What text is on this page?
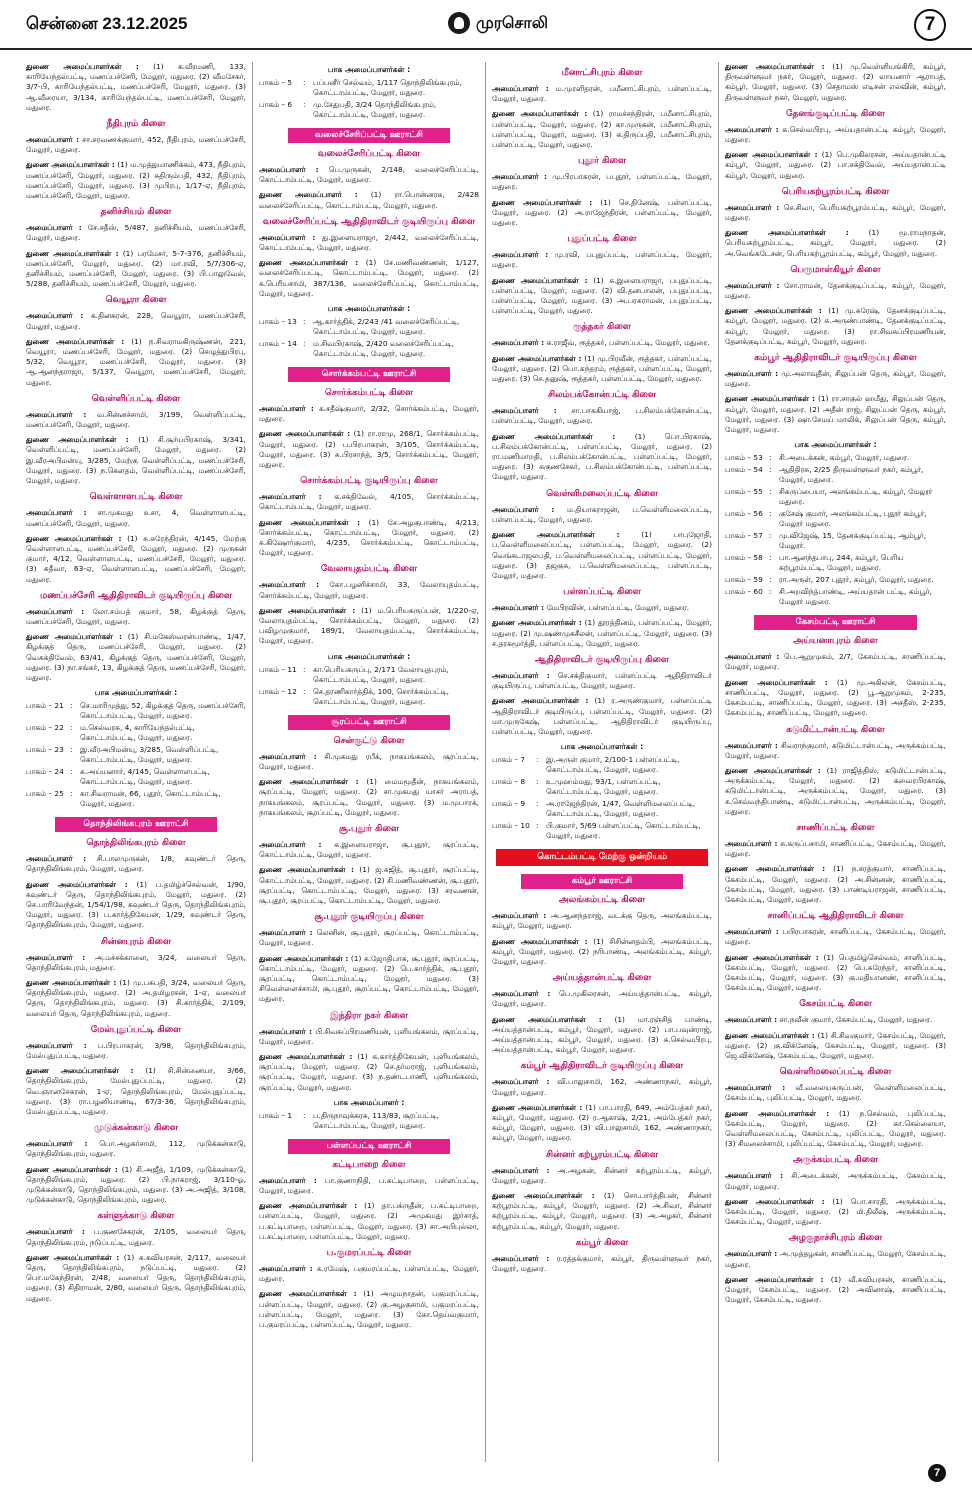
சென்னை 23.12.2025	முரசொலி	7

துணை அமைப்பாளர்கள் : (1) க.வீரமணி, 133, காரியேந்தல்பட்டி, மணப்பச்சேரி, மேலூர், மதுரை. (2) வீமசேகர், 3/7-பி, காரியேந்தல்பட்டி, மணப்பச்சேரி, மேலூர், மதுரை. (3) ஆ.வீரையா, 3/134, காரியேந்தல்பட்டி, மணப்பச்சேரி, மேலூர், மதுரை.

நீதிபுரம் கிளை

அமைப்பாளர் : சா.சரவணக்குமார், 452, நீதிபுரம், மணப்பச்சேரி, மேலூர், மதுரை.

துணை அமைப்பாளர்கள் : (1) ம.முத்துமாணிக்கம், 473, நீதிபுரம், மணப்பச்சேரி, மேலூர், மதுரை. (2) சுதிரும்பதி, 432, நீதிபுரம், மணப்பச்சேரி, மேலூர், மதுரை. (3) முபிரபு, 1/17-ஏ, நீதிபுரம், மணப்பச்சேரி, மேலூர், மதுரை.

தனிச்சியம் கிளை

அமைப்பாளர் : சே.சதீஸ், 5/487, தனிச்சியம், மணப்பச்சேரி, மேலூர், மதுரை.

துணை அமைப்பாளர்கள் : (1) பரமேசர், 5-7-376, தனிச்சியம், மணப்பச்சேரி, மேலூர், மதுரை. (2) மா.ரவி, 5/7/306-ஏ, தனிச்சியம், மணப்பச்சேரி, மேலூர், மதுரை. (3) பி.பாலுவேல், 5/288, தனிச்சியம், மணப்பச்சேரி, மேலூர், மதுரை.

வெயூரா கிளை

அமைப்பாளர் : க.தினகரன், 228, வெயூரா, மணப்பச்சேரி, மேலூர், மதுரை.

துணை அமைப்பாளர்கள் : (1) ந.சிவராமகிருஷ்ணன், 221, வெயூரா, மணப்பச்சேரி, மேலூர், மதுரை. (2) செழுத்துபிரபு, 5/32, வெயூரா, மணப்பச்சேரி, மேலூர், மதுரை. (3) ஆ.ஆனந்தராஜா, 5/137, வெயூரா, மணப்பச்சேரி, மேலூர், மதுரை.

வெள்ளிப்பட்டி கிளை

அமைப்பாளர் : வ.சின்னச்சாமி, 3/199, வெள்ளிப்பட்டி, மணப்பச்சேரி, மேலூர், மதுரை.

துணை அமைப்பாளர்கள் : (1) சி.சூர்யபிரகாஷ், 3/341, வெள்ளிப்பட்டி, மணப்பச்சேரி, மேலூர், மதுரை. (2) இ.வீரஅபிமன்யு, 3/285, மேற்கு வெள்ளிப்பட்டி, மணப்பச்சேரி, மேலூர், மதுரை. (3) ந.கௌதம், வெள்ளிப்பட்டி, மணப்பச்சேரி, மேலூர், மதுரை.

வெள்ளாளபட்டி கிளை

அமைப்பாளர் : சா.முகமது உசா, 4, வெள்ளாளபட்டி, மணப்பச்சேரி, மேலூர், மதுரை.

துணை அமைப்பாளர்கள் : (1) சு.சுரேந்திரன், 4/145, மேற்கு வெள்ளாளபட்டி, மணப்பச்சேரி, மேலூர், மதுரை. (2) முருகன் குமார், 4/12, வெள்ளாளபட்டி, மணப்பச்சேரி, மேலூர், மதுரை. (3) சுதீவா, 63-ஏ, வெள்ளாளபட்டி, மணப்பச்சேரி, மேலூர், மதுரை.

மணப்பச்சேரி ஆதிதிராவிடர் குடியிருப்பு கிளை

அமைப்பாளர் : லோ.சம்பத் குமார், 58, கிழக்குத் தெரு, மணப்பச்சேரி, மேலூர், மதுரை.

துணை அமைப்பாளர்கள் : (1) சி.மகேஸ்வரன்பாண்டி, 1/47, கிழக்குத் தெரு, மணப்பச்சேரி, மேலூர், மதுரை. (2) வெசுக்திவேல், 63/41, கிழக்குத் தெரு, மணப்பச்சேரி, மேலூர், மதுரை. (3) நா.சங்கர், 13, கிழக்குத் தெரு, மணப்பச்சேரி, மேலூர், மதுரை.

பாக அமைப்பாளர்கள் :
பாகம் – 21 :	செ.மாரிமுத்து, 52, கிழக்குத் தெரு, மணப்பச்சேரி, கொட்டாம்பட்டி, மேலூர், மதுரை.
பாகம் – 22 :	ம.செல்வரசு, 4, காரியேந்தல்பட்டி, கொட்டாம்பட்டி, மேலூர், மதுரை.
பாகம் – 23 :	இ.வீரஅபிமன்யு, 3/285, வெள்ளிப்பட்டி, கொட்டாம்பட்டி, மேலூர், மதுரை.
பாகம் – 24 :	சு.அய்யனார், 4/145, வெள்ளாளபட்டி, கொட்டாம்பட்டி, மேலூர், மதுரை.
பாகம் – 25 :	கா.சிவராமன், 66, புதூர், கொட்டாம்பட்டி, மேலூர், மதுரை.
தொந்திலிங்கபுரம் ஊராட்சி
தொந்திலிங்கபுரம் கிளை

அமைப்பாளர் : சி.பாலமுருகன், 1/8, கவுண்டர் தெரு, தொந்திலிங்கபுரம், மேலூர், மதுரை.

துணை அமைப்பாளர்கள் : (1) ப.தமிழ்ச்செல்வன், 1/90, கவுண்டர் தெரு, தொந்திலிங்கபுரம், மேலூர், மதுரை. (2) செ.பாரிவேந்தன், 1/54/1/98, கவுண்டர் தெரு, தொந்திலிங்கபுரம், மேலூர், மதுரை. (3) ப.கார்த்திகேயன், 1/29, கவுண்டர் தெரு, தொந்திலிங்கபுரம், மேலூர், மதுரை.

சின்னபுரம் கிளை

அமைப்பாளர் : அ.மச்சக்காளை, 3/24, வலையர் தெரு, தொந்திலிங்கபுரம், மதுரை.

துணை அமைப்பாளர்கள் : (1) மு.பசுபதி, 3/24, வலையர் தெரு, தொந்திலிங்கபுரம், மதுரை. (2) அ.தமிழரசன், 1-ஏ, வலையர் தெரு, தொந்திலிங்கபுரம், மதுரை. (3) சி.கார்த்திக், 2/109, வலையர் தெரு, தொந்திலிங்கபுரம், மதுரை.

மேல்புதுப்பட்டி கிளை

அமைப்பாளர் : ப.பிரபாகரன், 3/98, தொந்திலிங்கபுரம், மேல்புதுப்பட்டி, மதுரை.

துணை அமைப்பாளர்கள் : (1) சி.சின்னையா, 3/66, தொந்திலிங்கபுரம், மேல்புதுப்பட்டி, மதுரை. (2) வெ.ஞானசேகரன், 1-ஏ, தொந்திலிங்கபுரம், மேல்புதுப்பட்டி, மதுரை. (3) ரா.பழனியாண்டி, 67/3-36, தொந்திலிங்கபுரம், மேல்புதுப்பட்டி, மதுரை.

முடுக்கன்காடு கிளை

அமைப்பாளர் : பொ.அழகர்சாமி, 112, முடுக்கன்காடு, தொந்திலிங்கபுரம், மதுரை.

துணை அமைப்பாளர்கள் : (1) சி.அஜீத், 1/109, முடுக்கன்காடு, தொந்திலிங்கபுரம், மதுரை. (2) பி.நாகராஜ், 3/110-ஓ, முடுக்கன்காடு, தொந்திலிங்கபுரம், மதுரை. (3) அ.அஜித், 3/108, முடுக்கன்காடு, தொந்திலிங்கபுரம், மதுரை.

கள்ளுக்காடு கிளை

அமைப்பாளர் : ப.குணசேகரன், 2/105, வலையர் தெரு, தொந்திலிங்கபுரம், நடுப்பட்டி, மதுரை.

துணை அமைப்பாளர்கள் : (1) சு.கவியரசன், 2/117, வலையர் தெரு, தொந்திலிங்கபுரம், நடுப்பட்டி, மதுரை. (2) பொ.மகேந்திரன், 2/48, வலையர் தெரு, தொந்திலிங்கபுரம், மதுரை. (3) சிதிராமன், 2/80, வலையர் தெரு, தொந்திலிங்கபுரம், மதுரை.

பாக அமைப்பாளர்கள் :
பாகம் – 5	:	பப்பனீர் செல்வம், 1/117 தொந்திலிங்கபுரம், கொட்டாம்பட்டி, மேலூர், மதுரை.
பாகம் – 6	:	மு.சேதுபதி, 3/24 தொந்திலிங்கபுரம், கொட்டாம்பட்டி, மேலூர், மதுரை.
வலைச்சேரிப்பட்டி ஊராட்சி
வலைச்சேரிப்பட்டி கிளை

அமைப்பாளர் : பெ.முருகன், 2/148, வலைச்சேரிப்பட்டி, கொட்டாம்பட்டி, மேலூர், மதுரை.

துணை அமைப்பாளர் : (1) ரா.பொன்னரசு, 2/428 வலைச்சேரிப்பட்டி, கொட்டாம்பட்டி, மேலூர், மதுரை.

வலைச்சேரிப்பட்டி ஆதிதிராவிடர் குடியிருப்பு கிளை

அமைப்பாளர் : து.இளையராஜா, 2/442, வலைச்சேரிப்பட்டி, கொட்டாம்பட்டி, மேலூர், மதுரை.

துணை அமைப்பாளர்கள் : (1) சே.மணிவண்ணன், 1/127, வலைச்சேரிப்பட்டி, கொட்டாம்பட்டி, மேலூர், மதுரை. (2) க.பெரியசாமி, 387/136, வலைச்சேரிப்பட்டி, கொட்டாம்பட்டி, மேலூர், மதுரை.

பாக அமைப்பாளர்கள் :
பாகம் – 13 :	ஆ.கார்த்திக், 2/243 /41 வலைச்சேரிப்பட்டி, கொட்டாம்பட்டி, மேலூர், மதுரை.
பாகம் – 14 :	ம.சிவபிரகாஷ், 2/420 வலைச்சேரிப்பட்டி, கொட்டாம்பட்டி, மேலூர், மதுரை.
சொர்க்கம்பட்டி ஊராட்சி
சொர்க்கம்பட்டி கிளை

அமைப்பாளர் : க.சதீஷ்குமார், 2/32, சொர்க்கம்பட்டி, மேலூர், மதுரை.

துணை அமைப்பாளர்கள் : (1) ரா.ராமு, 268/1, சொர்க்கம்பட்டி, மேலூர், மதுரை. (2) ப.பிரபாகரன், 3/105, சொர்க்கம்பட்டி, மேலூர், மதுரை. (3) சு.பிரசாந்த், 3/5, சொர்க்கம்பட்டி, மேலூர், மதுரை.

சொர்க்கம்பட்டி குடியிருப்பு கிளை

அமைப்பாளர் : க.சக்திவேல், 4/105, சொர்க்கம்பட்டி, கொட்டாம்பட்டி, மேலூர், மதுரை.

துணை அமைப்பாளர்கள் : (1) சே.அழகுபாண்டி, 4/213, சொர்க்கம்பட்டி, கொட்டாம்பட்டி, மேலூர், மதுரை. (2) சு.கிஷோர்குமார், 4/235, சொர்க்கம்பட்டி, கொட்டாம்பட்டி, மேலூர், மதுரை.

வேலாயுதம்பட்டி கிளை

அமைப்பாளர் : கோ.பழனிச்சாமி, 33, வேலாயுதம்பட்டி, சொர்க்கம்பட்டி, மேலூர், மதுரை.

துணை அமைப்பாளர்கள் : (1) ம.பெரியகருப்பன், 1/220-ஏ, வேலாயுதம்பட்டி, சொர்க்கம்பட்டி, மேலூர், மதுரை. (2) பவிழமுகுமார், 189/1, வேலாயுதம்பட்டி, சொர்க்கம்பட்டி, மேலூர், மதுரை.

பாக அமைப்பாளர்கள் :
பாகம் – 11 :	கா.பெரியகருப்பு, 2/171 வேலாயுதபுரம், கொட்டாம்பட்டி, மேலூர், மதுரை.
பாகம் – 12 :	செ.தரணிகார்த்திக், 100, சொர்க்கம்பட்டி, கொட்டாம்பட்டி, மேலூர், மதுரை.
சூரப்பட்டி ஊராட்சி
சென்குட்டு கிளை

அமைப்பாளர் : சி.முகமது ரபீக், நாகயங்கலம், சூரப்பட்டி, மேலூர், மதுரை.

துணை அமைப்பாளர்கள் : (1) மைமமூதீன், நாகயங்கலம், சூரப்பட்டி, மேலூர், மதுரை. (2) சா.முகமது யாசர் அராபத், நாகயங்கலம், சூரப்பட்டி, மேலூர், மதுரை. (3) ம.முபாரக், நாகயங்கலம், சூரப்பட்டி, மேலூர், மதுரை.

சூ.புதூர் கிளை

அமைப்பாளர் : க.இளையராஜா, சூ.புதூர், சூரப்பட்டி, கொட்டாம்பட்டி, மேலூர், மதுரை.

துணை அமைப்பாளர்கள் : (1) ஜ.சுஜித், சூ.புதூர், சூரப்பட்டி, கொட்டாம்பட்டி, மேலூர், மதுரை. (2) சி.மணிவண்ணன், சூ.புதூர், சூரப்பட்டி, கொட்டாம்பட்டி, மேலூர், மதுரை. (3) சரவணன், சூ.புதூர், சூரப்பட்டி, கொட்டாம்பட்டி, மேலூர், மதுரை.

சூ.புதூர் குடியிருப்பு கிளை

அமைப்பாளர் : லெனின், சூ.புதூர், சூரப்பட்டி, கொட்டாம்பட்டி, மேலூர், மதுரை.

துணை அமைப்பாளர்கள் : (1) க.ஜோதிபாசு, சூ.புதூர், சூரப்பட்டி, கொட்டாம்பட்டி, மேலூர், மதுரை. (2) பெ.கார்த்திக், சூ.புதூர், சூரப்பட்டி, கொட்டாம்பட்டி, மேலூர், மதுரை. (3) சிவெள்ளைச்சாமி, சூ.புதூர், சூரப்பட்டி, கொட்டாம்பட்டி, மேலூர், மதுரை.

இந்திரா நகர் கிளை

அமைப்பாளர் : பி.சிவசுப்பிரமணியன், புளியங்கலம், சூரப்பட்டி, மேலூர், மதுரை.

துணை அமைப்பாளர்கள் : (1) சு.கார்த்திகேயன், புளியங்கலம், சூரப்பட்டி, மேலூர், மதுரை. (2) செ.தர்மராஜ், புளியங்கலம், சூரப்பட்டி, மேலூர், மதுரை. (3) ந.தண்டபாணி, புளியங்கலம், சூரப்பட்டி, மேலூர், மதுரை.

பாக அமைப்பாளர் :
பாகம் – 1	:	ப.திருநாவுக்கரசு, 113/83, சூரப்பட்டி, கொட்டாம்பட்டி, மேலூர், மதுரை.
பள்ளப்பட்டி ஊராட்சி
கட்டிபாறை கிளை

அமைப்பாளர் : பா.குணாநிதி, ப.கட்டிபாறை, பள்ளப்பட்டி, மேலூர், மதுரை.

துணை அமைப்பாளர்கள் : (1) தா.பக்ருதீன், ப.கட்டிபாறை, பள்ளப்பட்டி, மேலூர், மதுரை. (2) அமுகமது இர்சாத், ப.கட்டிபாறை, பள்ளப்பட்டி, மேலூர், மதுரை. (3) சா.அபிபுல்லா, ப.கட்டிபாறை, பள்ளப்பட்டி, மேலூர், மதுரை.

ப.குமரப்பட்டி கிளை

அமைப்பாளர் : சு.ரமேஷ், பகுமரப்பட்டி, பள்ளப்பட்டி, மேலூர், மதுரை.

துணை அமைப்பாளர்கள் : (1) அழுமநாதன், பகுமரப்பட்டி, பள்ளப்பட்டி, மேலூர், மதுரை. (2) கு.அழகுசாமி, பகுமரப்பட்டி, பள்ளப்பட்டி, மேலூர், மதுரை. (3) கோ.தெய்வகுமார், ப.குமரப்பட்டி, பள்ளப்பட்டி, மேலூர், மதுரை.

மீனாட்சிபுரம் கிளை

அமைப்பாளர் : ம.முரளிதரன், பமீனாட்சிபுரம், பள்ளப்பட்டி, மேலூர், மதுரை.

துணை அமைப்பாளர்கள் : (1) ராமச்சந்திரன், பமீனாட்சிபுரம், பள்ளப்பட்டி, மேலூர், மதுரை. (2) கா.முருகன், பமீனாட்சிபுரம், பள்ளப்பட்டி, மேலூர், மதுரை. (3) க.திருப்பதி, பமீனாட்சிபுரம், பள்ளப்பட்டி, மேலூர், மதுரை.

புதூர் கிளை

அமைப்பாளர் : மு.பிரபாகரன், பபுதூர், பள்ளப்பட்டி, மேலூர், மதுரை.

துணை அமைப்பாளர்கள் : (1) செ.தினேஷ், பள்ளப்பட்டி, மேலூர், மதுரை. (2) அ.ராஜேந்திரன், பள்ளப்பட்டி, மேலூர், மதுரை.

புதுப்பட்டி கிளை

அமைப்பாளர் : மு.ரவி, பபுதுப்பட்டி, பள்ளப்பட்டி, மேலூர், மதுரை.

துணை அமைப்பாளர்கள் : (1) சு.இளையராஜா, பபுதுப்பட்டி, பள்ளப்பட்டி, மேலூர், மதுரை. (2) வி.தனபாலன், பபுதுப்பட்டி, பள்ளப்பட்டி, மேலூர், மதுரை. (3) அ.பரசுராமன், பபுதுப்பட்டி, பள்ளப்பட்டி, மேலூர், மதுரை.

ரூத்தகர் கிளை

அமைப்பாளர் : க.ராஜீவ், ரூத்தகர், பள்ளப்பட்டி, மேலூர், மதுரை.

துணை அமைப்பாளர்கள் : (1) மு.பிரவீன், ரூத்தகர், பள்ளப்பட்டி, மேலூர், மதுரை. (2) பொ.சுந்தரம், ரூத்தகர், பள்ளப்பட்டி, மேலூர், மதுரை. (3) செ.தனுஷ், ரூத்தகர், பள்ளப்பட்டி, மேலூர், மதுரை.

சிலம்பக்கோன்பட்டி கிளை

அமைப்பாளர் : சா.பாசுகியாஜ், ப.சிலம்பக்கோன்பட்டி, பள்ளப்பட்டி, மேலூர், மதுரை.

துணை அமைப்பாளர்கள் :	(1) பொ.பிரகாஷ், ப.சிலம்பக்கோன்பட்டி, பள்ளப்பட்டி, மேலூர், மதுரை. (2) ரா.மணிமாறதி, ப.சிலம்பக்கோன்பட்டி, பள்ளப்பட்டி, மேலூர், மதுரை. (3) சுகுணசேகர், ப.சிலம்பக்கோன்பட்டி, பள்ளப்பட்டி, மேலூர், மதுரை.

வெள்ளிமலைப்பட்டி கிளை

அமைப்பாளர் : ம.தியாகராஜன், ப.வெள்ளிமலைப்பட்டி, பள்ளப்பட்டி, மேலூர், மதுரை.

துணை அமைப்பாளர்கள் :	(1) பாபுஜோதி, ப.வெள்ளிமலைப்பட்டி, பள்ளப்பட்டி, மேலூர், மதுரை. (2) வெங்கடாஜலபதி, ப.வெள்ளிமலைப்பட்டி, பள்ளப்பட்டி, மேலூர், மதுரை. (3) தஜகுசு, ப.வெள்ளிமலைப்பட்டி, பள்ளப்பட்டி, மேலூர், மதுரை.

பள்ளப்பட்டி கிளை

அமைப்பாளர் : மேபிரவின், பள்ளப்பட்டி, மேலூர், மதுரை.

துணை அமைப்பாளர்கள் : (1) தூரத்தினம், பள்ளப்பட்டி, மேலூர், மதுரை. (2) மு.ஷண்முகசீலன், பள்ளப்பட்டி, மேலூர், மதுரை. (3) ச.தரகமூர்த்தி, பள்ளப்பட்டி, மேலூர், மதுரை.

ஆதிதிராவிடர் குடியிருப்பு கிளை

அமைப்பாளர் : செ.சக்திகுமார், பள்ளப்பட்டி ஆதிதிராவிடர் குடியிருப்பு, பள்ளப்பட்டி, மேலூர், மதுரை.

துணை அமைப்பாளர்கள் : (1) ர.அருண்குமார், பள்ளப்பட்டி ஆதிதிராவிடர் குடியிருப்பு, பள்ளப்பட்டி, மேலூர், மதுரை. (2) மா.முருகேஷ், பள்ளப்பட்டி, ஆதிதிராவிடர் குடியிருப்பு, பள்ளப்பட்டி, மேலூர், மதுரை.

பாக அமைப்பாளர்கள் :
பாகம் – 7	:	இ.அருள் குமார், 2/100-1 பள்ளப்பட்டி, கொட்டாம்பட்டி, மேலூர், மதுரை.
பாகம் – 8	:	உ.முஹம்மது, 93/1, பள்ளப்பட்டி, கொட்டாம்பட்டி, மேலூர், மதுரை.
பாகம் – 9	:	அ.ராஜேந்திரன், 1/47, வெள்ளிமலைப்பட்டி, கொட்டாம்பட்டி, மேலூர், மதுரை.
பாகம் – 10 :	பி.குமார், 5/69 பள்ளப்பட்டி, கொட்டாம்பட்டி, மேலூர், மதுரை.
கொட்டம்பட்டி மேற்கு ஒன்றியம்
கம்பூர் ஊராட்சி
அலங்கம்பட்டி கிளை

அமைப்பாளர் : அ.ஆனந்தராஜ், வடக்கு தெரு, அலங்கம்பட்டி, கம்பூர், மேலூர், மதுரை.

துணை அமைப்பாளர்கள் : (1) சிசின்னதம்பி, அலங்கம்பட்டி, கம்பூர், மேலூர், மதுரை. (2) நரிபாண்டி, அலங்கம்பட்டி, கம்பூர், மேலூர், மதுரை.

அய்யத்தான்பட்டி கிளை

அமைப்பாளர் : பெ.முகிலரசன், அய்யத்தான்பட்டி, கம்பூர், மேலூர், மதுரை.

துணை அமைப்பாளர்கள் : (1) மா.ரஞ்சித் பாண்டி, அய்யத்தான்பட்டி, கம்பூர், மேலூர், மதுரை. (2) பா.பவுன்ராஜ், அய்யத்தான்பட்டி, கம்பூர், மேலூர், மதுரை. (3) க.செல்வபிரபு, அய்யத்தான்பட்டி, கம்பூர், மேலூர், மதுரை.

கம்பூர் ஆதிதிராவிடர் குடியிருப்பு கிளை

அமைப்பாளர் : வி.பாலுசாமி, 162, அண்ணாநகர், கம்பூர், மேலூர், மதுரை.

துணை அமைப்பாளர்கள் : (1) பா.பாரதி, 649, அம்பேத்கர் நகர், கம்பூர், மேலூர், மதுரை. (2) ர.ஆகாஷ், 2/21, அம்பேத்கர் நகர், கம்பூர், மேலூர், மதுரை. (3) வி.பாலுசாமி, 162, அண்ணாநகர், கம்பூர், மேலூர், மதுரை.

சின்னர் கற்பூரம்பட்டி கிளை

அமைப்பாளர் : அ.அழகன், சின்னர் கற்பூரம்பட்டி, கம்பூர், மேலூர், மதுரை.

துணை அமைப்பாளர்கள் : (1) சொ.பார்த்திபன், சின்னர் கற்பூரம்பட்டி, கம்பூர், மேலூர், மதுரை. (2) அ.சிவா, சின்னர் கற்பூரம்பட்டி, கம்பூர், மேலூர், மதுரை. (3) அ.அழகர், சின்னர் கற்பூரம்பட்டி, கம்பூர், மேலூர், மதுரை.

கம்பூர் கிளை

அமைப்பாளர் : ர.ரத்தக்குமார், கம்பூர், திருவள்ளுவர் நகர், மேலூர், மதுரை.

துணை அமைப்பாளர்கள் : (1) மு.வெள்ளியங்கிரி, கம்பூர், திருவள்ளுவர் நகர், மேலூர், மதுரை. (2) லாயனார் ஆராபத், கம்பூர், மேலூர், மதுரை. (3) செதாமஸ் எடிசன் எல்வின், கம்பூர், திருவள்ளுவர் நகர், மேலூர், மதுரை.

தேனங்குடிப்பட்டி கிளை

அமைப்பாளர் : க.செல்வபிரபு, அய்யதான்பட்டி கம்பூர், மேலூர், மதுரை.

துணை அமைப்பாளர்கள் : (1) பெ.முகிலரசன், அய்யதான்பட்டி கம்பூர், மேலூர், மதுரை. (2) பா.சக்திவேல், அய்யதான்பட்டி கம்பூர், மேலூர், மதுரை.

பெரியகற்பூரம்பட்டி கிளை

அமைப்பாளர் : செ.சிவா, பெரியகற்பூரம்பட்டி, கம்பூர், மேலூர், மதுரை.

துணை அமைப்பாளர்கள் :	(1) மூ.ராமநாதன், பெரியகற்பூரம்பட்டி, கம்பூர், மேலூர், மதுரை. (2) அ.வெங்கடேசன், பெரியகற்பூரம்பட்டி, கம்பூர், மேலூர், மதுரை.

பெருமாள்கியூர் கிளை

அமைப்பாளர் : சோ.ராமன், தேனக்குடிப்பட்டி, கம்பூர், மேலூர், மதுரை.

துணை அமைப்பாளர்கள் : (1) மு.சுரேஷ், தேனக்குடிப்பட்டி, கம்பூர், மேலூர், மதுரை. (2) சு.அருண்பாண்டி, தேனக்குடிப்பட்டி, கம்பூர், மேலூர், மதுரை. (3) ரா.சிவசுப்பிரமணியன், தேனக்குடிப்பட்டி, கம்பூர், மேலூர், மதுரை.

கம்பூர் ஆதிதிராவிடர் குடியிருப்பு கிளை

அமைப்பாளர் : மு.அலாவுதீன், சிலுப்பன் தெரு, கம்பூர், மேலூர், மதுரை.

துணை அமைப்பாளர்கள் : (1) ரா.சாகுல் ஹமீது, சிலுப்பன் தெரு, கம்பூர், மேலூர், மதுரை. (2) அதீன் ராஜ், சிலுப்பன் தெரு, கம்பூர், மேலூர், மதுரை. (3) ஷா.சேமய் மாலிக், சிலுப்பன் தெரு, கம்பூர், மேலூர், மதுரை.

பாக அமைப்பாளர்கள் :
பாகம் – 53 :	சி.அடைக்கன், கம்பூர், மேலூர், மதுரை.
பாகம் – 54 :	ஆதிதிரசு, 2/25 திருவள்ளுவர் நகர், கம்பூர், மேலூர், மதுரை.
பாகம் – 55 :	சிகருப்பையா, அலங்கம்பட்டி, கம்பூர், மேலூர் மதுரை.
பாகம் – 56 :	குசேஷ் குமார், அலங்கம்பட்டி, புதூர் கம்பூர், மேலூர் மதுரை.
பாகம் – 57 :	மு.விஜேஷ், 15, தேனக்குடிப்பட்டி, ஆம்பூர், மேலூர்.
பாகம் – 58 :	பா.ஆனந்தபாபு, 244, கம்பூர், பெரிய கற்பூரம்பட்டி, மேலூர், மதுரை.
பாகம் – 59 :	ரா.அருள், 207 புதூர், கம்பூர், மேலூர், மதுரை.
பாகம் – 60 :	சி.அறவிந்த்பாண்டி, அய்யதான் பட்டி, கம்பூர், மேலூர் மதுரை.
கேசம்பட்டி ஊராட்சி
அய்யனாபுரம் கிளை

அமைப்பாளர் : பெ.ஆறுமுகம், 2/7, கேசம்பட்டி, சாணிப்பட்டி, மேலூர், மதுரை.

துணை அமைப்பாளர்கள் : (1) மு.அகிலன், கேசம்பட்டி, சாணிப்பட்டி, மேலூர், மதுரை. (2) பூ.ஆறுமுகம், 2-235, கேசம்பட்டி, சாணிப்பட்டி, மேலூர், மதுரை. (3) அசதீஸ், 2-235, கேசம்பட்டி, சாணிப்பட்டி, மேலூர், மதுரை.

கடுமிட்டான்பட்டி கிளை

அமைப்பாளர் : சிவராந்குமார், கடுமிட்டான்பட்டி, அருக்கம்பட்டி, மேலூர், மதுரை.

துணை அமைப்பாளர்கள் : (1) ராஜித்திஸ், கடுமிட்டான்பட்டி, அருக்கம்பட்டி, மேலூர், மதுரை. (2) கவைரபிரகாஷ், கடுமிட்டான்பட்டி, அருக்கம்பட்டி, மேலூர், மதுரை. (3) சு.செவ்வந்திபாண்டி, கடுமிட்டான்பட்டி, அருக்கம்பட்டி, மேலூர், மதுரை.

சாணிப்பட்டி கிளை

அமைப்பாளர் : சு.கருப்பசாமி, சாணிப்பட்டி, கேசம்பட்டி, மேலூர், மதுரை.

துணை அமைப்பாளர்கள் : (1) ந.சரத்குமார், சாணிப்பட்டி, கேசம்பட்டி, மேலூர், மதுரை. (2) அ.சின்னன், சாணிப்பட்டி, கேசம்பட்டி, மேலூர், மதுரை. (3) பாண்டியராஜன், சாணிப்பட்டி, கேசம்பட்டி, மேலூர், மதுரை.

சானிப்பட்டி ஆதிதிராவிடர் கிளை

அமைப்பாளர் : பபிரபாகரன், சானிப்பட்டி, கேசம்பட்டி, மேலூர், மதுரை.

துணை அமைப்பாளர்கள் : (1) பெதமிழ்செல்வம், சானிப்பட்டி, கேசம்பட்டி, மேலூர், மதுரை. (2) பெ.சுரேந்தர், சானிப்பட்டி, கேசம்பட்டி, மேலூர், மதுரை. (3) கு.மதியானண், சானிப்பட்டி, கேசம்பட்டி, மேலூர், மதுரை.

கேசம்பட்டி கிளை

அமைப்பாளர் : சா.நவீன் குமார், கேசம்பட்டி, மேலூர், மதுரை.

துணை அமைப்பாளர்கள் : (1) சி.சிவகுமார், கேசம்பட்டி, மேலூர், மதுரை. (2) கு.விக்னேஷ், கேசம்பட்டி, மேலூர், மதுரை. (3) ஜெ.விக்னேஷ், கேசம்பட்டி, மேலூர், மதுரை.

வெள்ளிமலைப்பட்டி கிளை

அமைப்பாளர் : வீ.வலையகருப்பன், வெள்ளிமலைப்பட்டி, கேசம்பட்டி, புலிப்பட்டி, மேலூர், மதுரை.

துணை அமைப்பாளர்கள் : (1) ந.செல்வம், புலிப்பட்டி, கேசம்பட்டி, மேலூர், மதுரை. (2) கா.செல்லையா, வெள்ளிமலைப்பட்டி, கேசம்பட்டி, புலிப்பட்டி, மேலூர், மதுரை. (3) சிமலைச்சாமி, புலிப்பட்டி, கேசம்பட்டி, மேலூர், மதுரை.

அருக்கம்பட்டி கிளை

அமைப்பாளர் : சி.அடைக்கன், அருக்கம்பட்டி, கேசம்பட்டி, மேலூர், மதுரை.

துணை அமைப்பாளர்கள் : (1) பொ.சாரதி, அருக்கம்பட்டி, கேசம்பட்டி, மேலூர், மதுரை. (2) மி.திலீஷ், அருக்கம்பட்டி, கேசம்பட்டி, மேலூர், மதுரை.

அழகுநாச்சிபுரம் கிளை

அமைப்பாளர் : அ.முத்தழகன், சாணிப்பட்டி, மேலூர், கேசம்பட்டி, மதுரை.

துணை அமைப்பாளர்கள் : (1) வீ.சுவியரசன், சாணிப்பட்டி, மேலூர், கேசம்பட்டி, மதுரை. (2) அவினாஷ், சாணிப்பட்டி, மேலூர், கேசம்பட்டி, மதுரை.

7
